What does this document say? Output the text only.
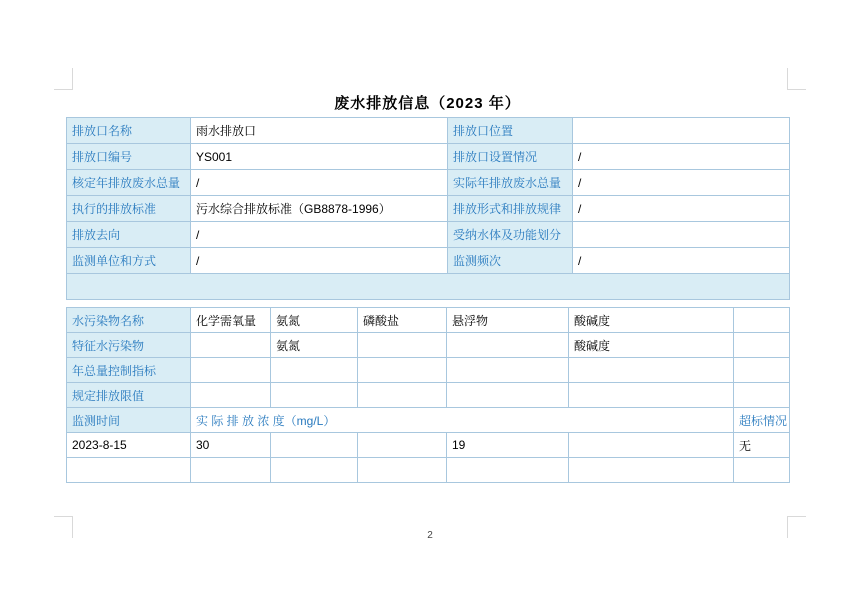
废水排放信息（2023 年）
排放口名称	雨水排放口	排放口位置	
排放口编号	YS001	排放口设置情况	/
核定年排放废水总量	/	实际年排放废水总量	/
执行的排放标准	污水综合排放标准（GB8878-1996）	排放形式和排放规律	/
排放去向	/	受纳水体及功能划分	
监测单位和方式	/	监测频次	/

水污染物名称	化学需氧量	氨氮	磷酸盐	悬浮物	酸碱度	
特征水污染物		氨氮			酸碱度	
年总量控制指标						
规定排放限值						
监测时间	实 际 排 放 浓 度（mg/L）					超标情况
2023-8-15	30			19		无

2
